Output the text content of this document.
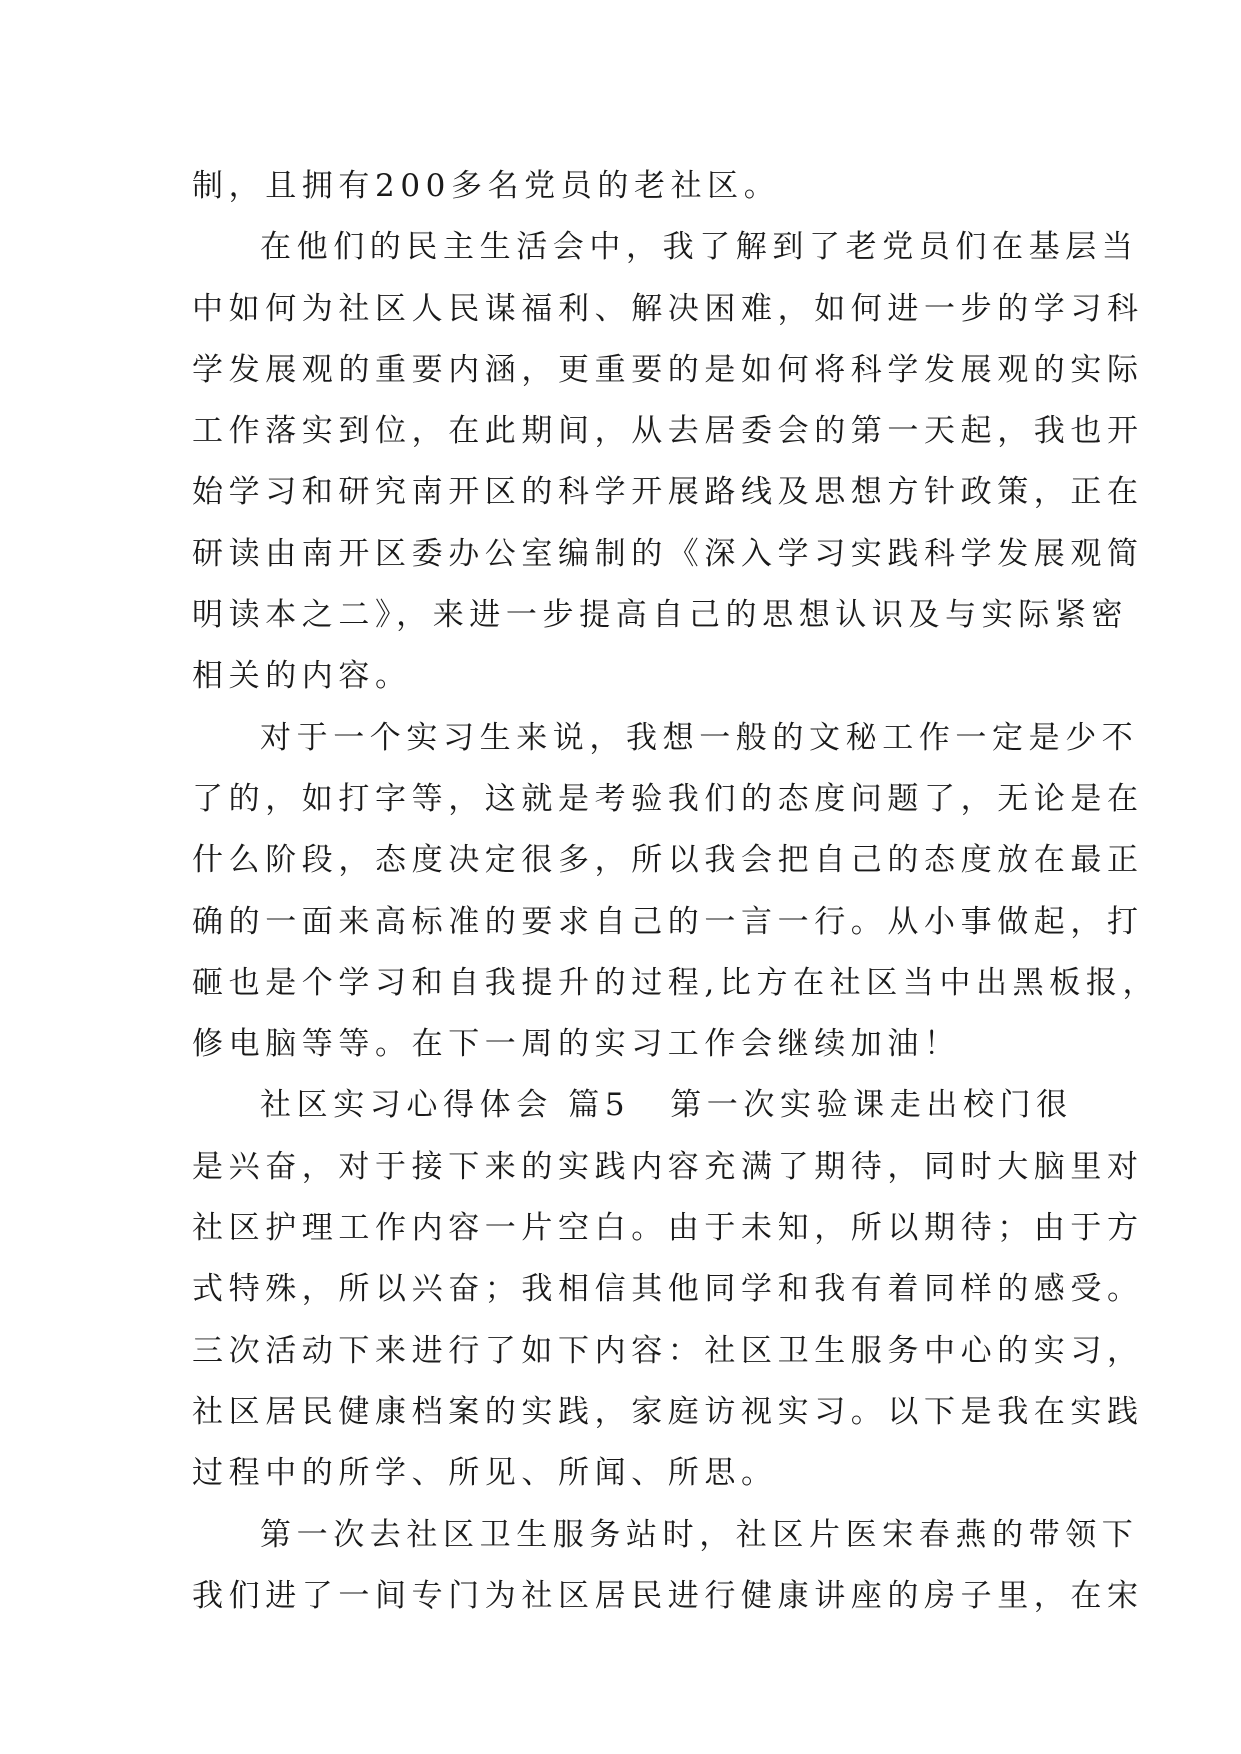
制，且拥有200多名党员的老社区。
在他们的民主生活会中，我了解到了老党员们在基层当
中如何为社区人民谋福利、解决困难，如何进一步的学习科
学发展观的重要内涵，更重要的是如何将科学发展观的实际
工作落实到位，在此期间，从去居委会的第一天起，我也开
始学习和研究南开区的科学开展路线及思想方针政策，正在
研读由南开区委办公室编制的《深入学习实践科学发展观简
明读本之二》，来进一步提高自己的思想认识及与实际紧密
相关的内容。
对于一个实习生来说，我想一般的文秘工作一定是少不
了的，如打字等，这就是考验我们的态度问题了，无论是在
什么阶段，态度决定很多，所以我会把自己的态度放在最正
确的一面来高标准的要求自己的一言一行。从小事做起，打
砸也是个学习和自我提升的过程,比方在社区当中出黑板报，
修电脑等等。在下一周的实习工作会继续加油！
社区实习心得体会 篇5 第一次实验课走出校门很
是兴奋，对于接下来的实践内容充满了期待，同时大脑里对
社区护理工作内容一片空白。由于未知，所以期待；由于方
式特殊，所以兴奋；我相信其他同学和我有着同样的感受。
三次活动下来进行了如下内容：社区卫生服务中心的实习，
社区居民健康档案的实践，家庭访视实习。以下是我在实践
过程中的所学、所见、所闻、所思。
第一次去社区卫生服务站时，社区片医宋春燕的带领下
我们进了一间专门为社区居民进行健康讲座的房子里，在宋
